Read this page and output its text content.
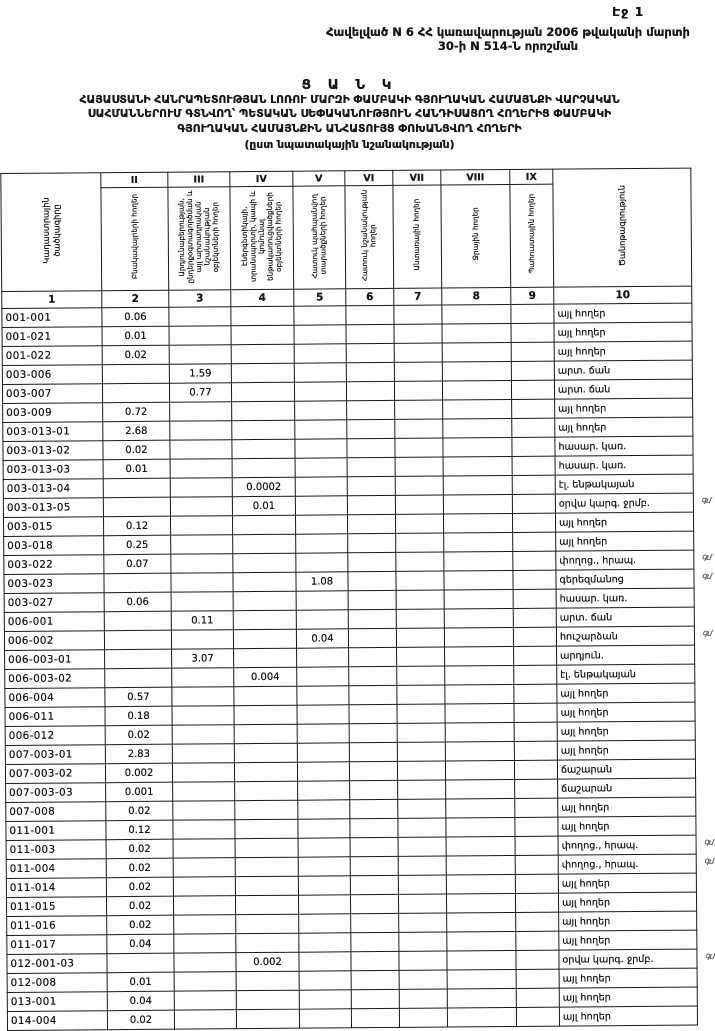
Էջ 1
Հավելված N 6 ՀՀ կառավարության 2006 թվականի մարտի 30-ի N 514-Ն որոշման
Ց Ա Ն Կ
ՀԱՅԱՍՏԱՆԻ ՀԱՆՐԱՊԵՏՈՒԹՅԱՆ ԼՈՌՈՒ ՄԱՐԶԻ ՓԱՄԲԱԿԻ ԳՅՈՒՂԱԿԱՆ ՀԱՄԱՅՆՔԻ ՎԱՐՉԱԿԱՆ
ՍԱՀՄԱՆՆԵՐՈՒՄ ԳՏՆՎՈՂ՝ ՊԵՏԱԿԱՆ ՍԵՓԱԿԱՆՈՒԹՅՈՒՆ ՀԱՆԴԻՍԱՑՈՂ ՀՈՂԵՐԻՑ ՓԱՄԲԱԿԻ
ԳՅՈՒՂԱԿԱՆ ՀԱՄԱՅՆՔԻՆ ԱՆՀԱՏՈՒՅՑ ՓՈԽԱՆՑՎՈՂ ՀՈՂԵՐԻ
(ըստ նպատակային նշանակության)
Կադաստրային ծածկագիրը	II	III	IV	V	VI	VII	VIII	IX	Ծանոթագրություն
	Բնակավայրերի հողեր	Արդյունաբերության, ընդերքօգտագործման և այլ արտադրական նշանակության օբյեկտների հողեր	Էներգետիկայի, տրանսպորտի, կապի և կոմունալ ենթակառուցվածքների օբյեկտների հողեր	Հատուկ պահպանվող տարածքների հողեր	Հատուկ նշանակության հողեր	Անտառային հողեր	Ջրային հողեր	Պահուստային հողեր	
1	2	3	4	5	6	7	8	9	10
001-001	0.06								այլ հողեր
001-021	0.01								այլ հողեր
001-022	0.02								այլ հողեր
003-006		1.59							արտ. ճան
003-007		0.77							արտ. ճան
003-009	0.72								այլ հողեր
003-013-01	2.68								այլ հողեր
003-013-02	0.02								հասար. կառ.
003-013-03	0.01								հասար. կառ.
003-013-04			0.0002						էլ. ենթակայան
003-013-05			0.01						օրվա կարգ. ջրմբ. գմ

003-015	0.12								այլ հողեր
003-018	0.25								այլ հողեր
003-022	0.07								փողոց., հրապ. գմ

003-023				1.08					գերեզմանոց գմ

003-027	0.06								հասար. կառ.
006-001		0.11							արտ. ճան
006-002				0.04					հուշարձան գմ

006-003-01		3.07							արդյուն.
006-003-02			0.004						էլ. ենթակայան
006-004	0.57								այլ հողեր
006-011	0.18								այլ հողեր
006-012	0.02								այլ հողեր
007-003-01	2.83								այլ հողեր
007-003-02	0.002								ճաշարան
007-003-03	0.001								ճաշարան
007-008	0.02								այլ հողեր
011-001	0.12								այլ հողեր
011-003	0.02								փողոց., հրապ. գմ

011-004	0.02								փողոց., հրապ. գմ

011-014	0.02								այլ հողեր
011-015	0.02								այլ հողեր
011-016	0.02								այլ հողեր
011-017	0.04								այլ հողեր
012-001-03			0.002						օրվա կարգ. ջրմբ. գմ

012-008	0.01								այլ հողեր
013-001	0.04								այլ հողեր
014-004	0.02								այլ հողեր
